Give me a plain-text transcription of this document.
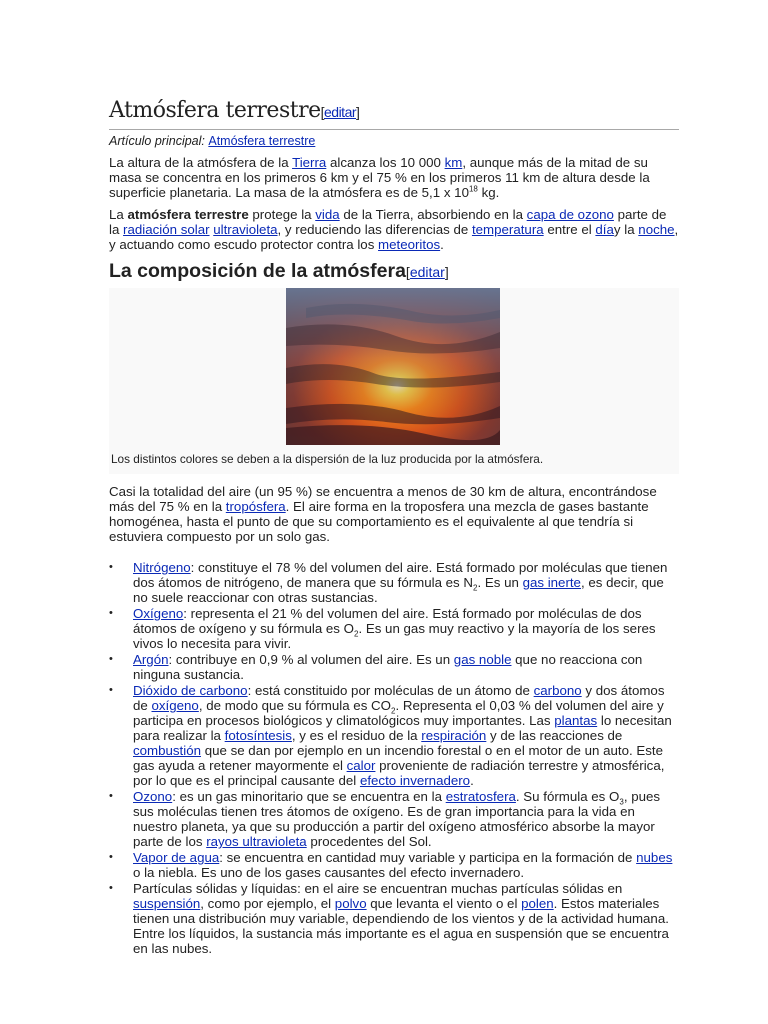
Atmósfera terrestre[editar]
Artículo principal: Atmósfera terrestre

La altura de la atmósfera de la Tierra alcanza los 10 000 km, aunque más de la mitad de su masa se concentra en los primeros 6 km y el 75 % en los primeros 11 km de altura desde la superficie planetaria. La masa de la atmósfera es de 5,1 x $10^{18}$ kg.

La atmósfera terrestre protege la vida de la Tierra, absorbiendo en la capa de ozono parte de la radiación solar ultravioleta, y reduciendo las diferencias de temperatura entre el díay la noche, y actuando como escudo protector contra los meteoritos.

La composición de la atmósfera[editar]
Los distintos colores se deben a la dispersión de la luz producida por la atmósfera.

Casi la totalidad del aire (un 95 %) se encuentra a menos de 30 km de altura, encontrándose más del 75 % en la tropósfera. El aire forma en la troposfera una mezcla de gases bastante homogénea, hasta el punto de que su comportamiento es el equivalente al que tendría si estuviera compuesto por un solo gas.

• Nitrógeno: constituye el 78 % del volumen del aire. Está formado por moléculas que tienen dos átomos de nitrógeno, de manera que su fórmula es $N_2$. Es un gas inerte, es decir, que no suele reaccionar con otras sustancias.
• Oxígeno: representa el 21 % del volumen del aire. Está formado por moléculas de dos átomos de oxígeno y su fórmula es $O_2$. Es un gas muy reactivo y la mayoría de los seres vivos lo necesita para vivir.
• Argón: contribuye en 0,9 % al volumen del aire. Es un gas noble que no reacciona con ninguna sustancia.
• Dióxido de carbono: está constituido por moléculas de un átomo de carbono y dos átomos de oxígeno, de modo que su fórmula es $CO_2$. Representa el 0,03 % del volumen del aire y participa en procesos biológicos y climatológicos muy importantes. Las plantas lo necesitan para realizar la fotosíntesis, y es el residuo de la respiración y de las reacciones de combustión que se dan por ejemplo en un incendio forestal o en el motor de un auto. Este gas ayuda a retener mayormente el calor proveniente de radiación terrestre y atmosférica, por lo que es el principal causante del efecto invernadero.
• Ozono: es un gas minoritario que se encuentra en la estratosfera. Su fórmula es $O_3$, pues sus moléculas tienen tres átomos de oxígeno. Es de gran importancia para la vida en nuestro planeta, ya que su producción a partir del oxígeno atmosférico absorbe la mayor parte de los rayos ultravioleta procedentes del Sol.
• Vapor de agua: se encuentra en cantidad muy variable y participa en la formación de nubes o la niebla. Es uno de los gases causantes del efecto invernadero.
• Partículas sólidas y líquidas: en el aire se encuentran muchas partículas sólidas en suspensión, como por ejemplo, el polvo que levanta el viento o el polen. Estos materiales tienen una distribución muy variable, dependiendo de los vientos y de la actividad humana. Entre los líquidos, la sustancia más importante es el agua en suspensión que se encuentra en las nubes.
